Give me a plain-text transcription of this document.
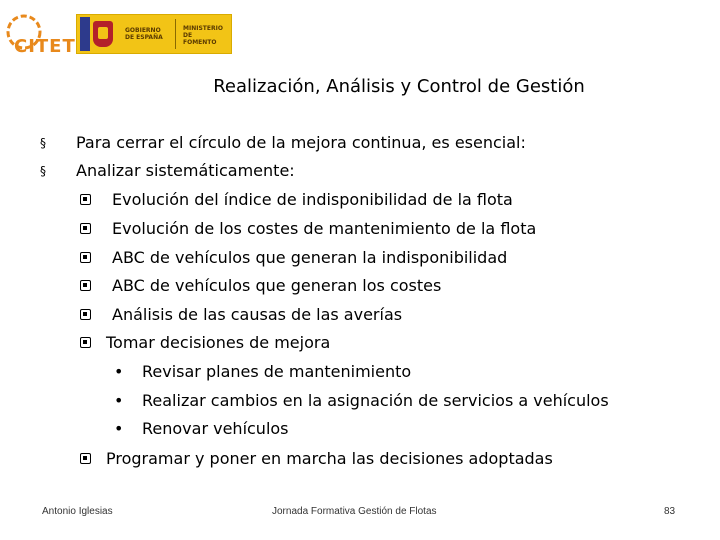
CITET
GOBIERNO DE ESPAÑA
MINISTERIO DE FOMENTO
Realización, Análisis y Control de Gestión
§ Para cerrar el círculo de la mejora continua, es esencial:
§ Analizar sistemáticamente:
Evolución del índice de indisponibilidad de la flota
Evolución de los costes de mantenimiento de la flota
ABC de vehículos que generan la indisponibilidad
ABC de vehículos que generan los costes
Análisis de las causas de las averías
Tomar decisiones de mejora
• Revisar planes de mantenimiento
• Realizar cambios en la asignación de servicios a vehículos
• Renovar vehículos
Programar y poner en marcha las decisiones adoptadas
Antonio Iglesias	Jornada Formativa Gestión de Flotas	83
